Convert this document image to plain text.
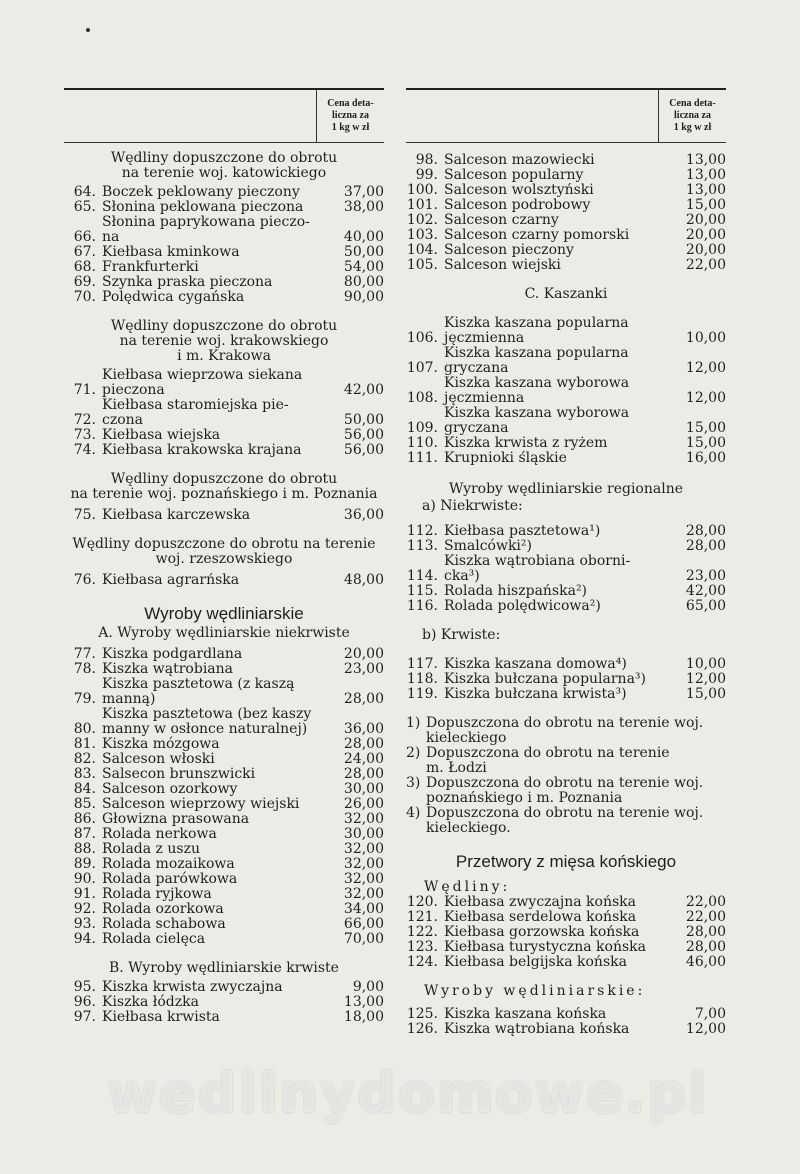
Cena deta-
liczna za
1 kg w zł
Wędliny dopuszczone do obrotu
na terenie woj. katowickiego
64. Boczek peklowany pieczony	37,00
65. Słonina peklowana pieczona	38,00
66.
Słonina paprykowana pieczo-
na	40,00
67. Kiełbasa kminkowa	50,00
68. Frankfurterki	54,00
69. Szynka praska pieczona	80,00
70. Polędwica cygańska	90,00
Wędliny dopuszczone do obrotu
na terenie woj. krakowskiego
i m. Krakowa
71.
Kiełbasa wieprzowa siekana
pieczona	42,00
72.
Kiełbasa staromiejska pie-
czona	50,00
73. Kiełbasa wiejska	56,00
74. Kiełbasa krakowska krajana	56,00
Wędliny dopuszczone do obrotu
na terenie woj. poznańskiego i m. Poznania
75. Kiełbasa karczewska	36,00
Wędliny dopuszczone do obrotu na terenie
woj. rzeszowskiego
76. Kiełbasa agrarńska	48,00
Wyroby wędliniarskie
A. Wyroby wędliniarskie niekrwiste
77. Kiszka podgardlana	20,00
78. Kiszka wątrobiana	23,00
79.
Kiszka pasztetowa (z kaszą
manną)	28,00
80.
Kiszka pasztetowa (bez kaszy
manny w osłonce naturalnej)	36,00
81. Kiszka mózgowa	28,00
82. Salceson włoski	24,00
83. Salsecon brunszwicki	28,00
84. Salceson ozorkowy	30,00
85. Salceson wieprzowy wiejski	26,00
86. Głowizna prasowana	32,00
87. Rolada nerkowa	30,00
88. Rolada z uszu	32,00
89. Rolada mozaikowa	32,00
90. Rolada parówkowa	32,00
91. Rolada ryjkowa	32,00
92. Rolada ozorkowa	34,00
93. Rolada schabowa	66,00
94. Rolada cielęca	70,00
B. Wyroby wędliniarskie krwiste
95. Kiszka krwista zwyczajna	9,00
96. Kiszka łódzka	13,00
97. Kiełbasa krwista	18,00
Cena deta-
liczna za
1 kg w zł
98. Salceson mazowiecki	13,00
99. Salceson popularny	13,00
100. Salceson wolsztyński	13,00
101. Salceson podrobowy	15,00
102. Salceson czarny	20,00
103. Salceson czarny pomorski	20,00
104. Salceson pieczony	20,00
105. Salceson wiejski	22,00
C. Kaszanki
106.
Kiszka kaszana popularna
jęczmienna	10,00
107.
Kiszka kaszana popularna
gryczana	12,00
108.
Kiszka kaszana wyborowa
jęczmienna	12,00
109.
Kiszka kaszana wyborowa
gryczana	15,00
110. Kiszka krwista z ryżem	15,00
111. Krupnioki śląskie	16,00
Wyroby wędliniarskie regionalne
a) Niekrwiste:
112. Kiełbasa pasztetowa¹)	28,00
113. Smalcówki²)	28,00
114.
Kiszka wątrobiana oborni-
cka³)	23,00
115. Rolada hiszpańska²)	42,00
116. Rolada polędwicowa²)	65,00
b) Krwiste:
117. Kiszka kaszana domowa⁴)	10,00
118. Kiszka bułczana popularna³)	12,00
119. Kiszka bułczana krwista³)	15,00
1) Dopuszczona do obrotu na terenie woj.
kieleckiego
2) Dopuszczona do obrotu na terenie
m. Łodzi
3) Dopuszczona do obrotu na terenie woj.
poznańskiego i m. Poznania
4) Dopuszczona do obrotu na terenie woj.
kieleckiego.
Przetwory z mięsa końskiego
Wędliny:
120. Kiełbasa zwyczajna końska	22,00
121. Kiełbasa serdelowa końska	22,00
122. Kiełbasa gorzowska końska	28,00
123. Kiełbasa turystyczna końska	28,00
124. Kiełbasa belgijska końska	46,00
Wyroby wędliniarskie:
125. Kiszka kaszana końska	7,00
126. Kiszka wątrobiana końska	12,00
wedlinydomowe.pl
